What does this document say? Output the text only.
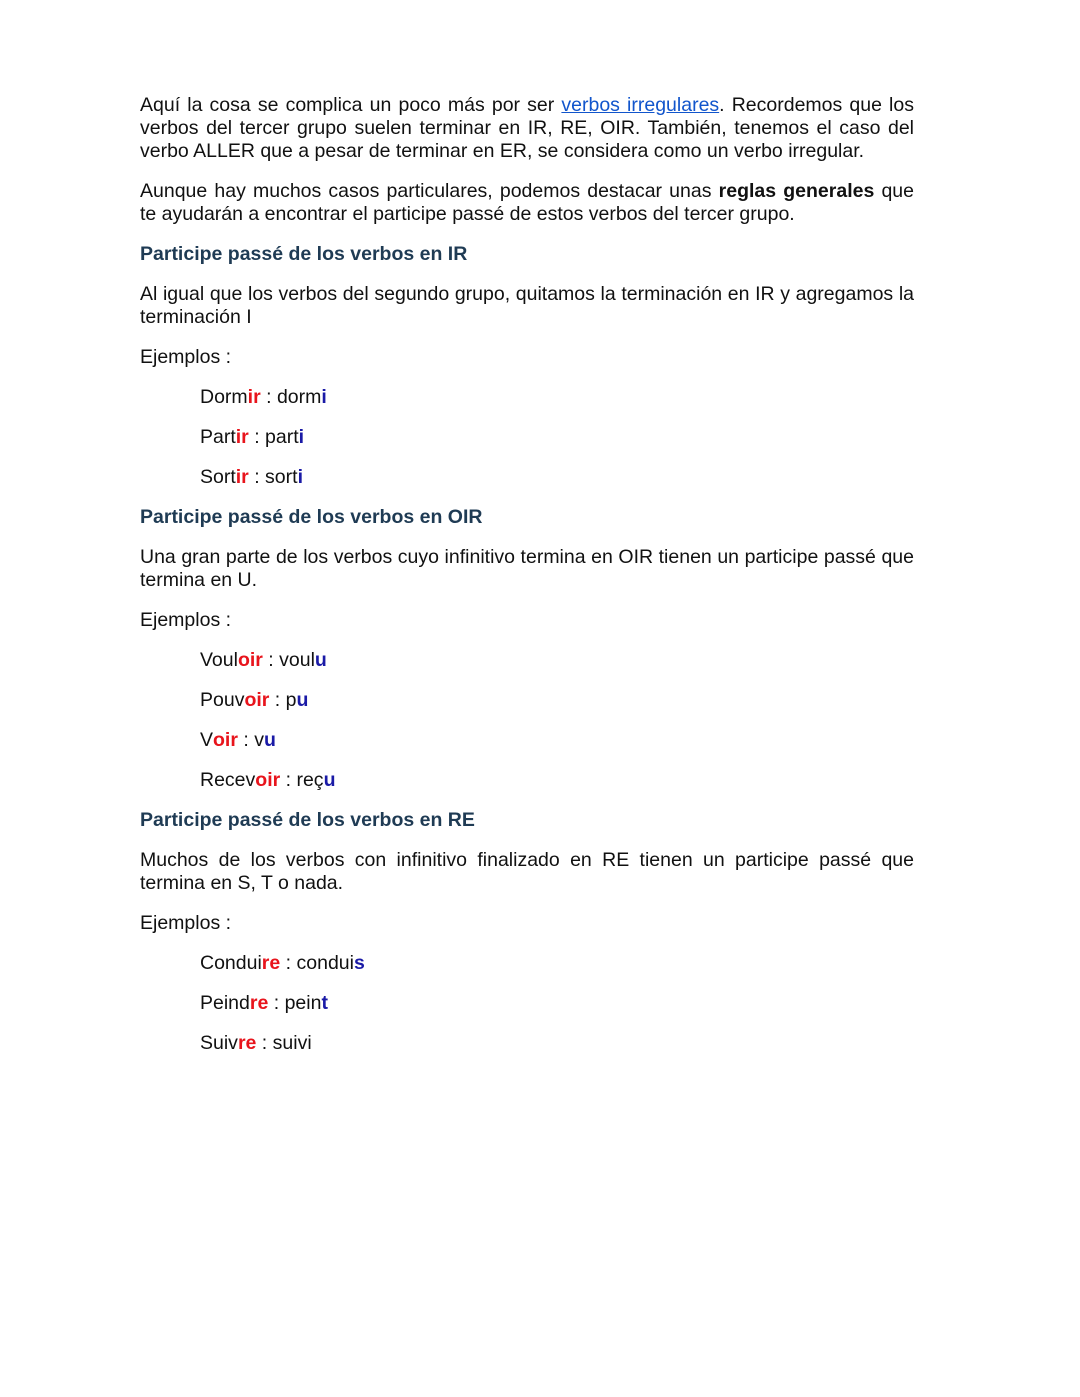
Aquí la cosa se complica un poco más por ser verbos irregulares. Recordemos que los verbos del tercer grupo suelen terminar en IR, RE, OIR. También, tenemos el caso del verbo ALLER que a pesar de terminar en ER, se considera como un verbo irregular.

Aunque hay muchos casos particulares, podemos destacar unas reglas generales que te ayudarán a encontrar el participe passé de estos verbos del tercer grupo.

Participe passé de los verbos en IR

Al igual que los verbos del segundo grupo, quitamos la terminación en IR y agregamos la terminación I

Ejemplos :

Dormir : dormi
Partir : parti
Sortir : sorti
Participe passé de los verbos en OIR

Una gran parte de los verbos cuyo infinitivo termina en OIR tienen un participe passé que termina en U.

Ejemplos :

Vouloir : voulu
Pouvoir : pu
Voir : vu
Recevoir : reçu
Participe passé de los verbos en RE

Muchos de los verbos con infinitivo finalizado en RE tienen un participe passé que termina en S, T o nada.

Ejemplos :

Conduire : conduis
Peindre : peint
Suivre : suivi
